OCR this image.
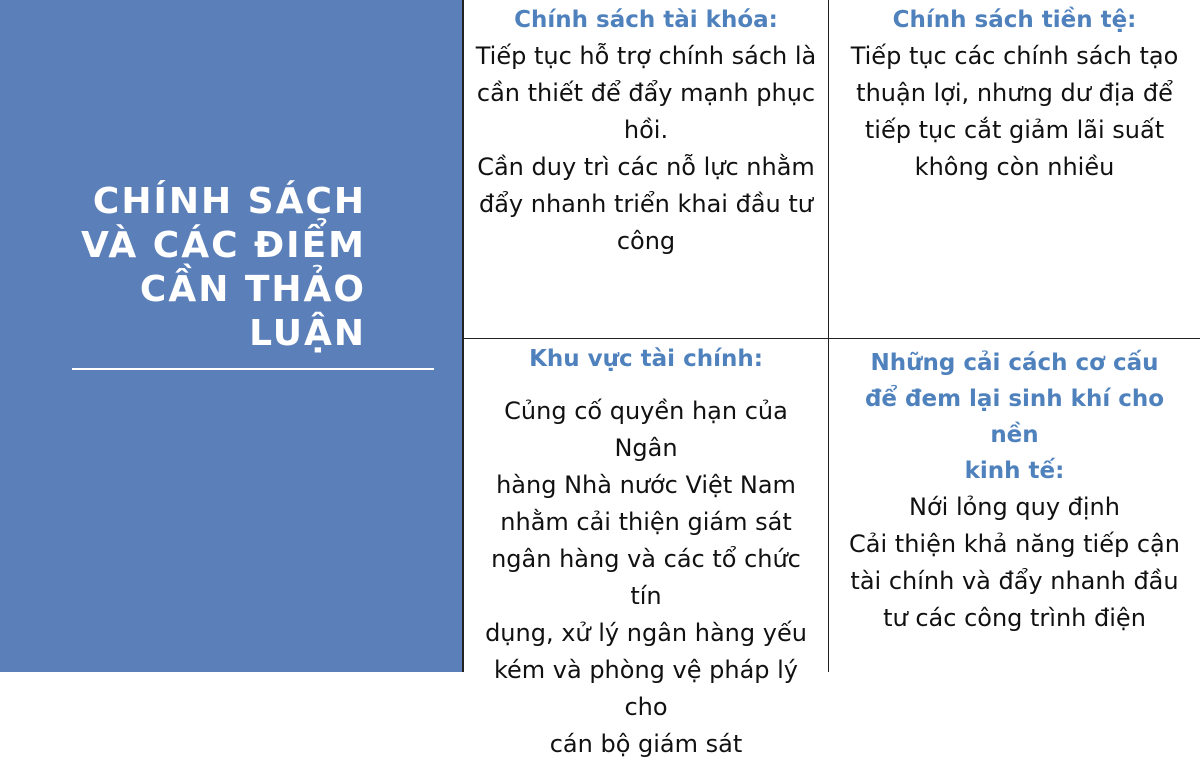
CHÍNH SÁCH
VÀ CÁC ĐIỂM
CẦN THẢO
LUẬN

Chính sách tài khóa:

Tiếp tục hỗ trợ chính sách là
cần thiết để đẩy mạnh phục
hồi.
Cần duy trì các nỗ lực nhằm
đẩy nhanh triển khai đầu tư
công

Chính sách tiền tệ:

Tiếp tục các chính sách tạo
thuận lợi, nhưng dư địa để
tiếp tục cắt giảm lãi suất
không còn nhiều

Khu vực tài chính:

Củng cố quyền hạn của Ngân
hàng Nhà nước Việt Nam
nhằm cải thiện giám sát
ngân hàng và các tổ chức tín
dụng, xử lý ngân hàng yếu
kém và phòng vệ pháp lý cho
cán bộ giám sát

Những cải cách cơ cấu
để đem lại sinh khí cho nền
kinh tế:

Nới lỏng quy định
Cải thiện khả năng tiếp cận
tài chính và đẩy nhanh đầu
tư các công trình điện
